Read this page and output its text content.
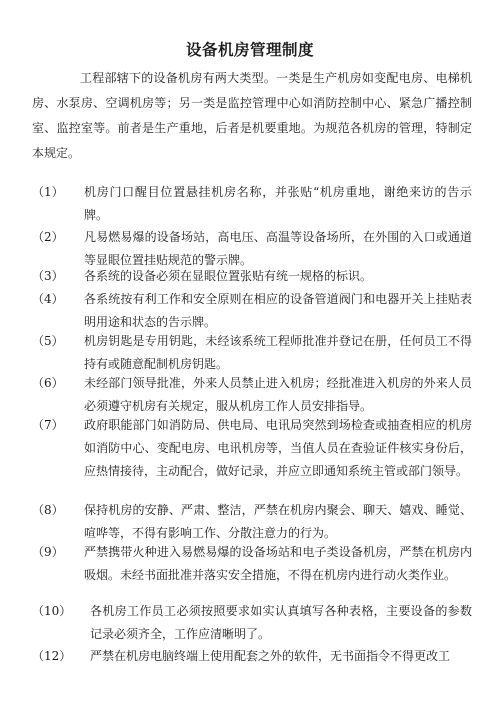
设备机房管理制度
工程部辖下的设备机房有两大类型。一类是生产机房如变配电房、电梯机房、水泵房、空调机房等；另一类是监控管理中心如消防控制中心、紧急广播控制室、监控室等。前者是生产重地，后者是机要重地。为规范各机房的管理，特制定本规定。
（1）	机房门口醒目位置悬挂机房名称，并张贴“机房重地，谢绝来访的告示牌。
（2）	凡易燃易爆的设备场站，高电压、高温等设备场所，在外围的入口或通道等显眼位置挂贴规范的警示牌。
（3）	各系统的设备必须在显眼位置张贴有统一规格的标识。
（4）	各系统按有利工作和安全原则在相应的设备管道阀门和电器开关上挂贴表明用途和状态的告示牌。
（5）	机房钥匙是专用钥匙，未经该系统工程师批准并登记在册，任何员工不得持有或随意配制机房钥匙。
（6）	未经部门领导批准，外来人员禁止进入机房；经批准进入机房的外来人员必须遵守机房有关规定，服从机房工作人员安排指导。
（7）	政府职能部门如消防局、供电局、电讯局突然到场检查或抽查相应的机房如消防中心、变配电房、电讯机房等，当值人员在查验证件核实身份后，应热情接待，主动配合，做好记录，并应立即通知系统主管或部门领导。
（8）	保持机房的安静、严肃、整洁，严禁在机房内聚会、聊天、嬉戏、睡觉、喧哗等，不得有影响工作、分散注意力的行为。
（9）	严禁携带火种进入易燃易爆的设备场站和电子类设备机房，严禁在机房内吸烟。未经书面批准并落实安全措施，不得在机房内进行动火类作业。
（10）	各机房工作员工必须按照要求如实认真填写各种表格，主要设备的参数记录必须齐全，工作应清晰明了。
（12）	严禁在机房电脑终端上使用配套之外的软件，无书面指令不得更改工
